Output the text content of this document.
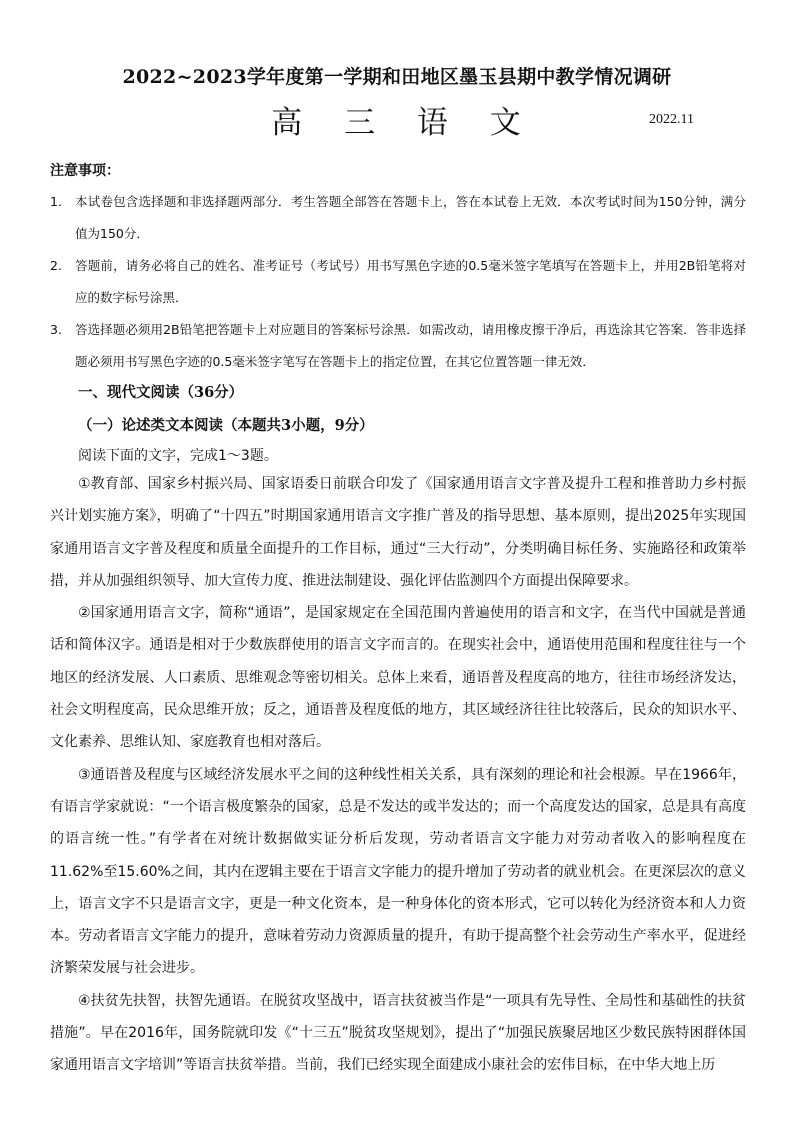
2022~2023学年度第一学期和田地区墨玉县期中教学情况调研
高 三 语 文	2022.11
注意事项：
1. 本试卷包含选择题和非选择题两部分．考生答题全部答在答题卡上，答在本试卷上无效．本次考试时间为150分钟，满分值为150分．
2. 答题前，请务必将自己的姓名、准考证号（考试号）用书写黑色字迹的0.5毫米签字笔填写在答题卡上，并用2B铅笔将对应的数字标号涂黑．
3. 答选择题必须用2B铅笔把答题卡上对应题目的答案标号涂黑．如需改动，请用橡皮擦干净后，再选涂其它答案．答非选择题必须用书写黑色字迹的0.5毫米签字笔写在答题卡上的指定位置，在其它位置答题一律无效．
一、现代文阅读（36分）
（一）论述类文本阅读（本题共3小题，9分）
阅读下面的文字，完成1～3题。

①教育部、国家乡村振兴局、国家语委日前联合印发了《国家通用语言文字普及提升工程和推普助力乡村振兴计划实施方案》，明确了“十四五”时期国家通用语言文字推广普及的指导思想、基本原则，提出2025年实现国家通用语言文字普及程度和质量全面提升的工作目标，通过“三大行动”，分类明确目标任务、实施路径和政策举措，并从加强组织领导、加大宣传力度、推进法制建设、强化评估监测四个方面提出保障要求。

②国家通用语言文字，简称“通语”，是国家规定在全国范围内普遍使用的语言和文字，在当代中国就是普通话和简体汉字。通语是相对于少数族群使用的语言文字而言的。在现实社会中，通语使用范围和程度往往与一个地区的经济发展、人口素质、思维观念等密切相关。总体上来看，通语普及程度高的地方，往往市场经济发达，社会文明程度高，民众思维开放；反之，通语普及程度低的地方，其区域经济往往比较落后，民众的知识水平、文化素养、思维认知、家庭教育也相对落后。

③通语普及程度与区域经济发展水平之间的这种线性相关关系，具有深刻的理论和社会根源。早在1966年，有语言学家就说：“一个语言极度繁杂的国家，总是不发达的或半发达的；而一个高度发达的国家，总是具有高度的语言统一性。”有学者在对统计数据做实证分析后发现，劳动者语言文字能力对劳动者收入的影响程度在11.62%至15.60%之间，其内在逻辑主要在于语言文字能力的提升增加了劳动者的就业机会。在更深层次的意义上，语言文字不只是语言文字，更是一种文化资本，是一种身体化的资本形式，它可以转化为经济资本和人力资本。劳动者语言文字能力的提升，意味着劳动力资源质量的提升，有助于提高整个社会劳动生产率水平，促进经济繁荣发展与社会进步。

④扶贫先扶智，扶智先通语。在脱贫攻坚战中，语言扶贫被当作是“一项具有先导性、全局性和基础性的扶贫措施”。早在2016年，国务院就印发《“十三五”脱贫攻坚规划》，提出了“加强民族聚居地区少数民族特困群体国家通用语言文字培训”等语言扶贫举措。当前，我们已经实现全面建成小康社会的宏伟目标，在中华大地上历
